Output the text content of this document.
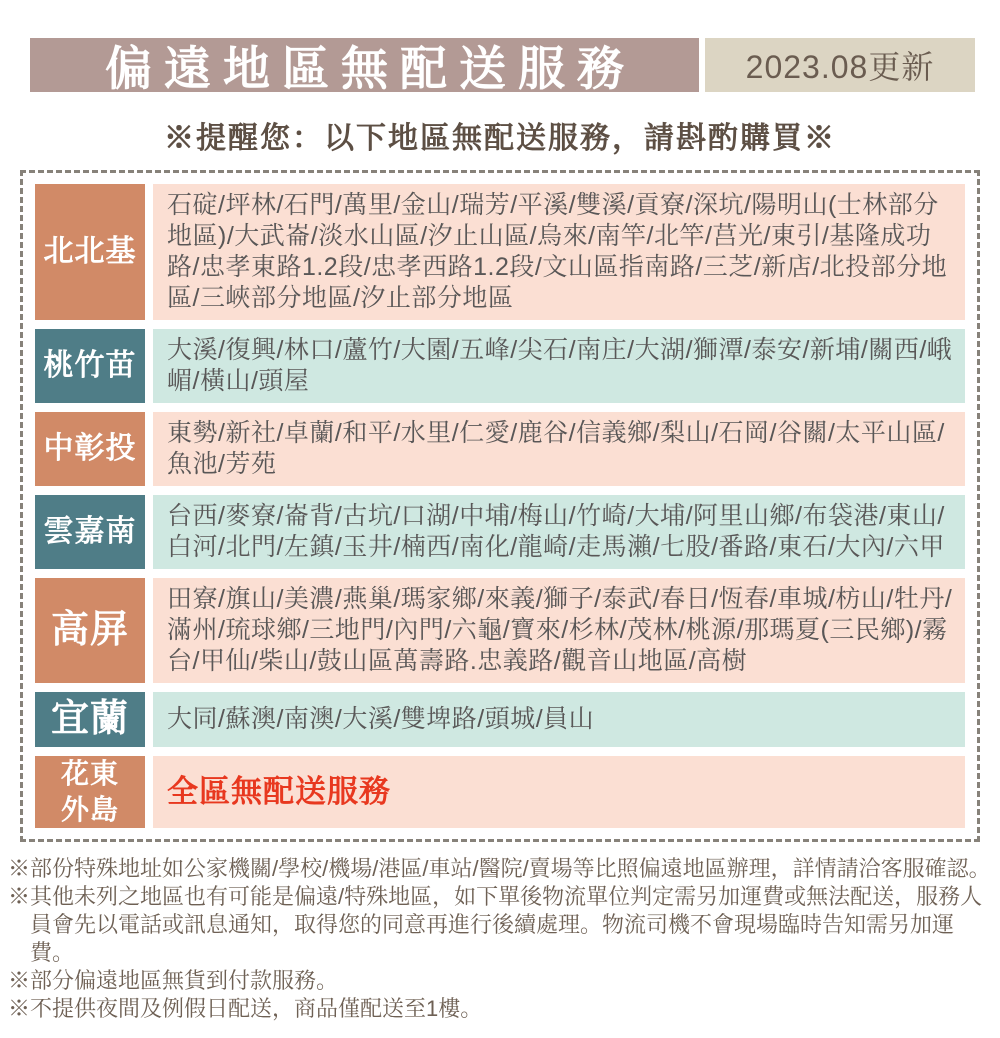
偏遠地區無配送服務	2023.08更新
※提醒您：以下地區無配送服務，請斟酌購買※
北北基
石碇/坪林/石門/萬里/金山/瑞芳/平溪/雙溪/貢寮/深坑/陽明山(士林部分地區)/大武崙/淡水山區/汐止山區/烏來/南竿/北竿/莒光/東引/基隆成功路/忠孝東路1.2段/忠孝西路1.2段/文山區指南路/三芝/新店/北投部分地區/三峽部分地區/汐止部分地區
桃竹苗 大溪/復興/林口/蘆竹/大園/五峰/尖石/南庄/大湖/獅潭/泰安/新埔/關西/峨嵋/橫山/頭屋
中彰投 東勢/新社/卓蘭/和平/水里/仁愛/鹿谷/信義鄉/梨山/石岡/谷關/太平山區/魚池/芳苑
雲嘉南 台西/麥寮/崙背/古坑/口湖/中埔/梅山/竹崎/大埔/阿里山鄉/布袋港/東山/白河/北門/左鎮/玉井/楠西/南化/龍崎/走馬瀨/七股/番路/東石/大內/六甲
高屏
田寮/旗山/美濃/燕巢/瑪家鄉/來義/獅子/泰武/春日/恆春/車城/枋山/牡丹/滿州/琉球鄉/三地門/內門/六龜/寶來/杉林/茂林/桃源/那瑪夏(三民鄉)/霧台/甲仙/柴山/鼓山區萬壽路.忠義路/觀音山地區/高樹
宜蘭 大同/蘇澳/南澳/大溪/雙埤路/頭城/員山
花東外島 全區無配送服務

※部份特殊地址如公家機關/學校/機場/港區/車站/醫院/賣場等比照偏遠地區辦理，詳情請洽客服確認。

※其他未列之地區也有可能是偏遠/特殊地區，如下單後物流單位判定需另加運費或無法配送，服務人員會先以電話或訊息通知，取得您的同意再進行後續處理。物流司機不會現場臨時告知需另加運費。

※部分偏遠地區無貨到付款服務。

※不提供夜間及例假日配送，商品僅配送至1樓。
